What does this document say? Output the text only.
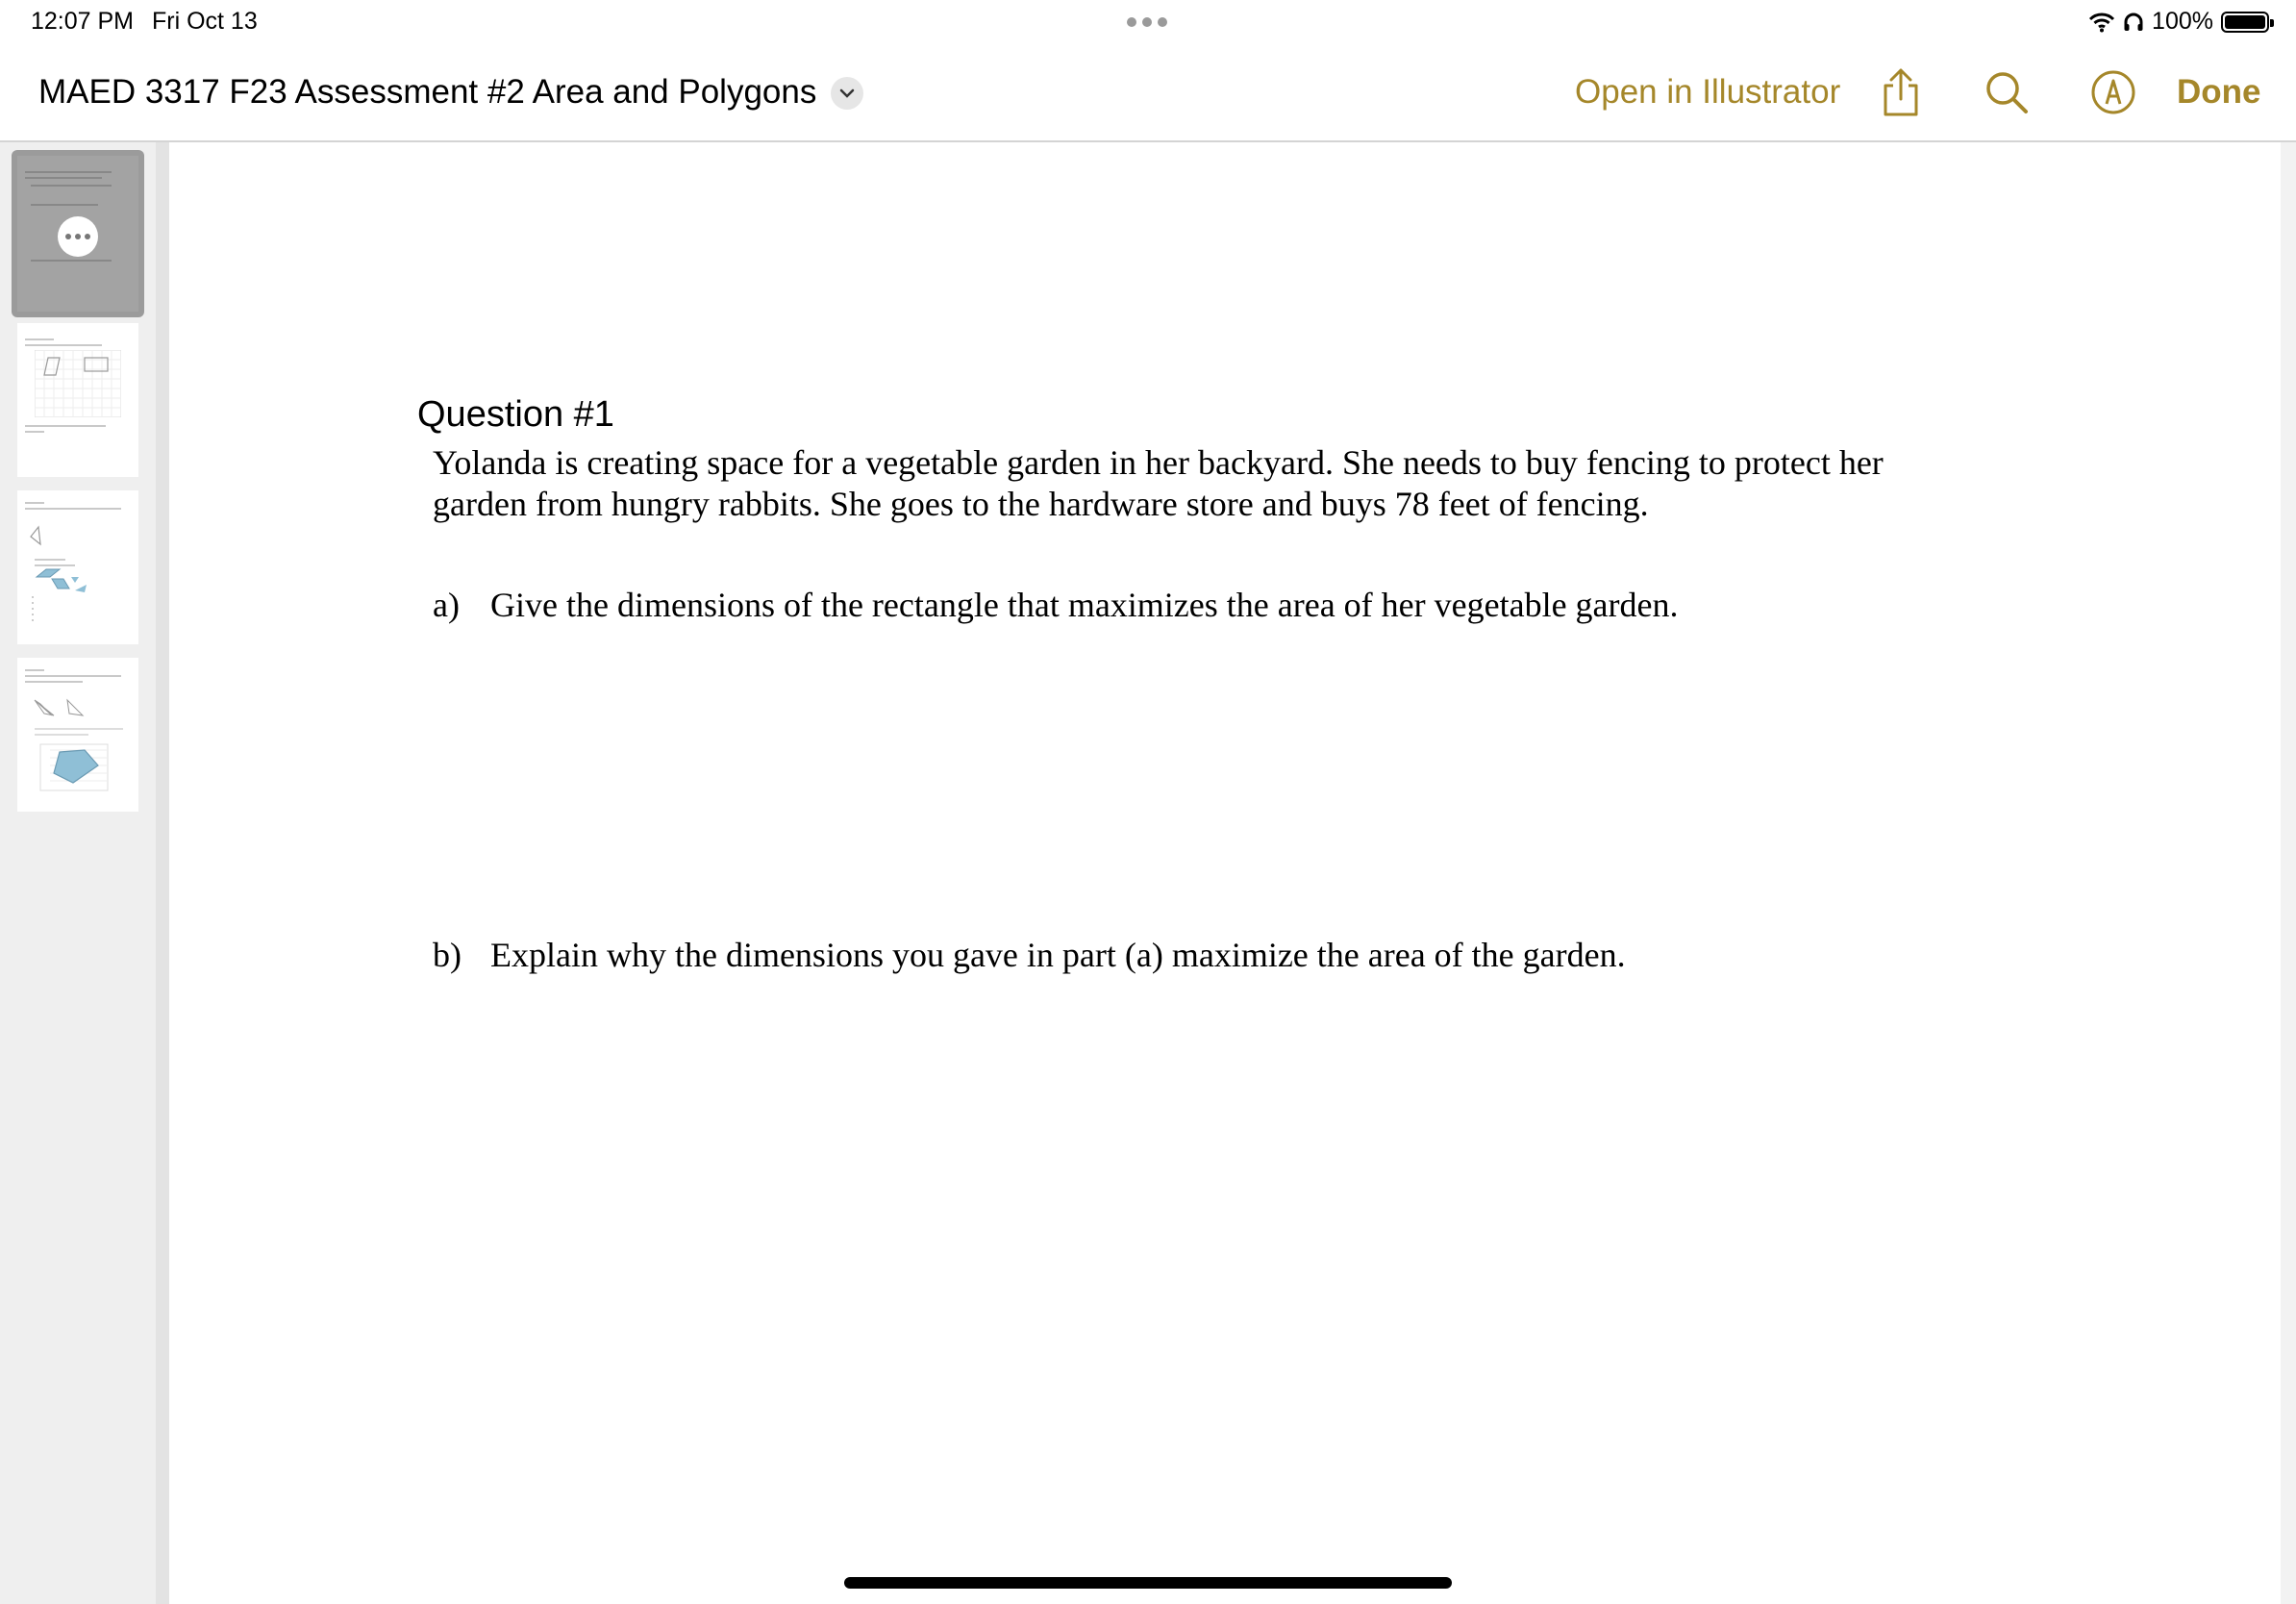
12:07 PM Fri Oct 13	100%
MAED 3317 F23 Assessment #2 Area and Polygons	Open in Illustrator	Done
Question #1
Yolanda is creating space for a vegetable garden in her backyard. She needs to buy fencing to protect her garden from hungry rabbits. She goes to the hardware store and buys 78 feet of fencing.
a) Give the dimensions of the rectangle that maximizes the area of her vegetable garden.
b) Explain why the dimensions you gave in part (a) maximize the area of the garden.
